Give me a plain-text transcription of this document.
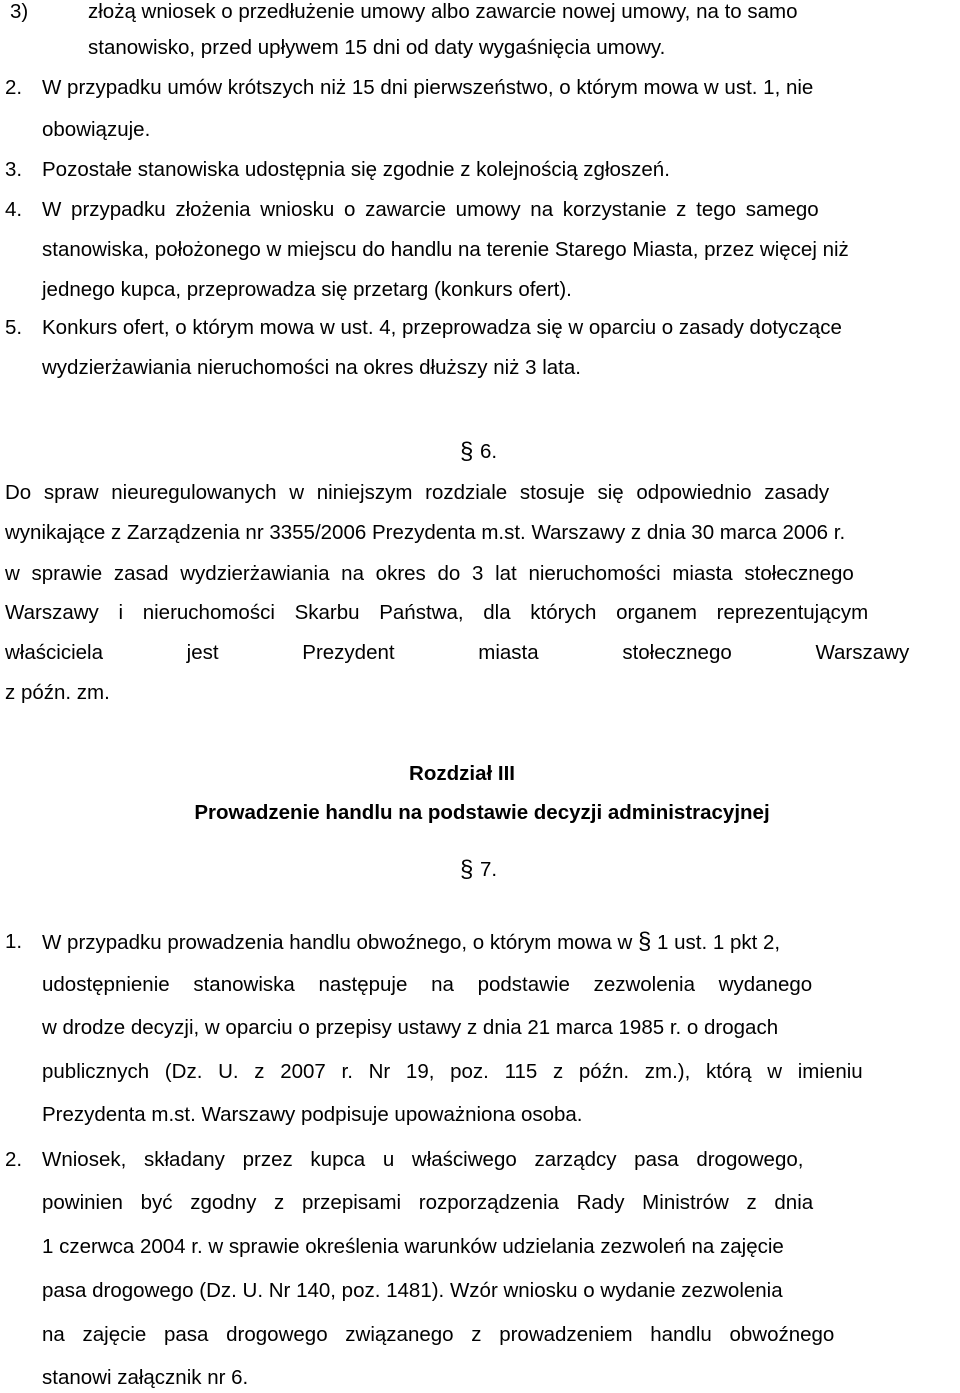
3)	złożą wniosek o przedłużenie umowy albo zawarcie nowej umowy, na to samo
stanowisko, przed upływem 15 dni od daty wygaśnięcia umowy.
2. W przypadku umów krótszych niż 15 dni pierwszeństwo, o którym mowa w ust. 1, nie
obowiązuje.
3. Pozostałe stanowiska udostępnia się zgodnie z kolejnością zgłoszeń.
4. W przypadku złożenia wniosku o zawarcie umowy na korzystanie z tego samego
stanowiska, położonego w miejscu do handlu na terenie Starego Miasta, przez więcej niż
jednego kupca, przeprowadza się przetarg (konkurs ofert).
5. Konkurs ofert, o którym mowa w ust. 4, przeprowadza się w oparciu o zasady dotyczące
wydzierżawiania nieruchomości na okres dłuższy niż 3 lata.
§ 6.
Do spraw nieuregulowanych w niniejszym rozdziale stosuje się odpowiednio zasady
wynikające z Zarządzenia nr 3355/2006 Prezydenta m.st. Warszawy z dnia 30 marca 2006 r.
w sprawie zasad wydzierżawiania na okres do 3 lat nieruchomości miasta stołecznego
Warszawy i nieruchomości Skarbu Państwa, dla których organem reprezentującym
właściciela jest Prezydent miasta stołecznego Warszawy
z późn. zm.
Rozdział III
Prowadzenie handlu na podstawie decyzji administracyjnej
§ 7.
1. W przypadku prowadzenia handlu obwoźnego, o którym mowa w § 1 ust. 1 pkt 2,
udostępnienie stanowiska następuje na podstawie zezwolenia wydanego
w drodze decyzji, w oparciu o przepisy ustawy z dnia 21 marca 1985 r. o drogach
publicznych (Dz. U. z 2007 r. Nr 19, poz. 115 z późn. zm.), którą w imieniu
Prezydenta m.st. Warszawy podpisuje upoważniona osoba.
2. Wniosek, składany przez kupca u właściwego zarządcy pasa drogowego,
powinien być zgodny z przepisami rozporządzenia Rady Ministrów z dnia
1 czerwca 2004 r. w sprawie określenia warunków udzielania zezwoleń na zajęcie
pasa drogowego (Dz. U. Nr 140, poz. 1481). Wzór wniosku o wydanie zezwolenia
na zajęcie pasa drogowego związanego z prowadzeniem handlu obwoźnego
stanowi załącznik nr 6.
